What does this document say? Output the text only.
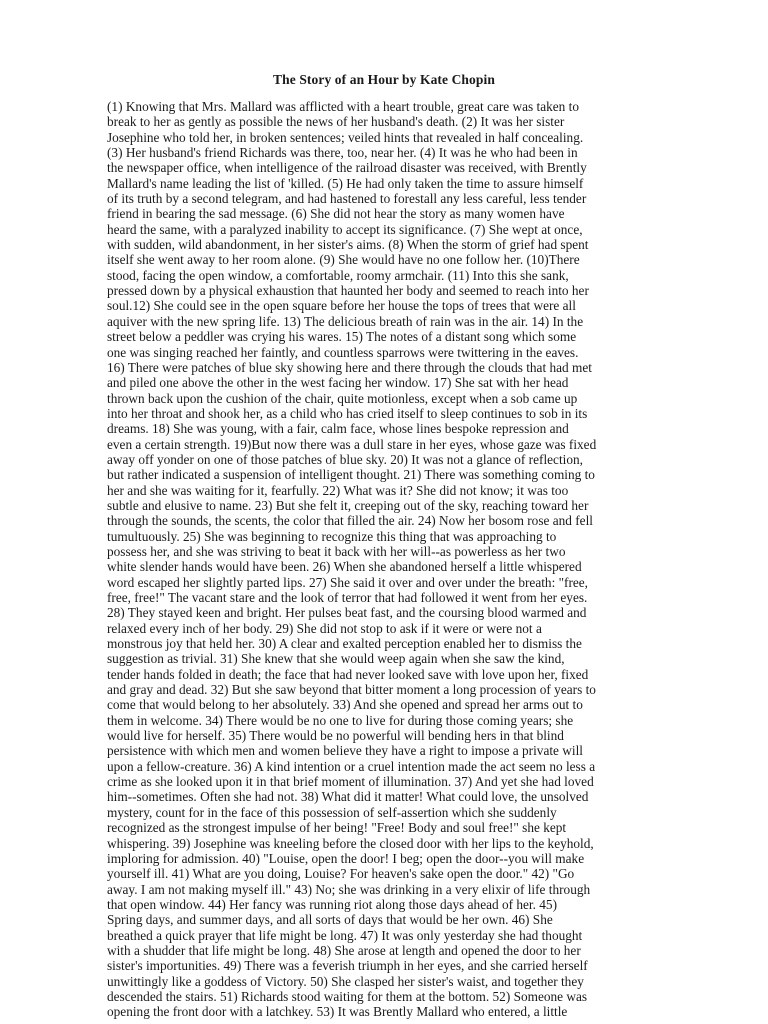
The Story of an Hour by Kate Chopin
(1) Knowing that Mrs. Mallard was afflicted with a heart trouble, great care was taken to
break to her as gently as possible the news of her husband's death. (2) It was her sister
Josephine who told her, in broken sentences; veiled hints that revealed in half concealing.
(3) Her husband's friend Richards was there, too, near her. (4) It was he who had been in
the newspaper office, when intelligence of the railroad disaster was received, with Brently
Mallard's name leading the list of 'killed. (5) He had only taken the time to assure himself
of its truth by a second telegram, and had hastened to forestall any less careful, less tender
friend in bearing the sad message. (6) She did not hear the story as many women have
heard the same, with a paralyzed inability to accept its significance. (7) She wept at once,
with sudden, wild abandonment, in her sister's aims. (8) When the storm of grief had spent
itself she went away to her room alone. (9) She would have no one follow her. (10)There
stood, facing the open window, a comfortable, roomy armchair. (11) Into this she sank,
pressed down by a physical exhaustion that haunted her body and seemed to reach into her
soul.12) She could see in the open square before her house the tops of trees that were all
aquiver with the new spring life. 13) The delicious breath of rain was in the air. 14) In the
street below a peddler was crying his wares. 15) The notes of a distant song which some
one was singing reached her faintly, and countless sparrows were twittering in the eaves.
16) There were patches of blue sky showing here and there through the clouds that had met
and piled one above the other in the west facing her window. 17) She sat with her head
thrown back upon the cushion of the chair, quite motionless, except when a sob came up
into her throat and shook her, as a child who has cried itself to sleep continues to sob in its
dreams. 18) She was young, with a fair, calm face, whose lines bespoke repression and
even a certain strength. 19)But now there was a dull stare in her eyes, whose gaze was fixed
away off yonder on one of those patches of blue sky. 20) It was not a glance of reflection,
but rather indicated a suspension of intelligent thought. 21) There was something coming to
her and she was waiting for it, fearfully. 22) What was it? She did not know; it was too
subtle and elusive to name. 23) But she felt it, creeping out of the sky, reaching toward her
through the sounds, the scents, the color that filled the air. 24) Now her bosom rose and fell
tumultuously. 25) She was beginning to recognize this thing that was approaching to
possess her, and she was striving to beat it back with her will--as powerless as her two
white slender hands would have been. 26) When she abandoned herself a little whispered
word escaped her slightly parted lips. 27) She said it over and over under the breath: "free,
free, free!" The vacant stare and the look of terror that had followed it went from her eyes.
28) They stayed keen and bright. Her pulses beat fast, and the coursing blood warmed and
relaxed every inch of her body. 29) She did not stop to ask if it were or were not a
monstrous joy that held her. 30) A clear and exalted perception enabled her to dismiss the
suggestion as trivial. 31) She knew that she would weep again when she saw the kind,
tender hands folded in death; the face that had never looked save with love upon her, fixed
and gray and dead. 32) But she saw beyond that bitter moment a long procession of years to
come that would belong to her absolutely. 33) And she opened and spread her arms out to
them in welcome. 34) There would be no one to live for during those coming years; she
would live for herself. 35) There would be no powerful will bending hers in that blind
persistence with which men and women believe they have a right to impose a private will
upon a fellow-creature. 36) A kind intention or a cruel intention made the act seem no less a
crime as she looked upon it in that brief moment of illumination. 37) And yet she had loved
him--sometimes. Often she had not. 38) What did it matter! What could love, the unsolved
mystery, count for in the face of this possession of self-assertion which she suddenly
recognized as the strongest impulse of her being! "Free! Body and soul free!" she kept
whispering. 39) Josephine was kneeling before the closed door with her lips to the keyhold,
imploring for admission. 40) "Louise, open the door! I beg; open the door--you will make
yourself ill. 41) What are you doing, Louise? For heaven's sake open the door." 42) "Go
away. I am not making myself ill." 43) No; she was drinking in a very elixir of life through
that open window. 44) Her fancy was running riot along those days ahead of her. 45)
Spring days, and summer days, and all sorts of days that would be her own. 46) She
breathed a quick prayer that life might be long. 47) It was only yesterday she had thought
with a shudder that life might be long. 48) She arose at length and opened the door to her
sister's importunities. 49) There was a feverish triumph in her eyes, and she carried herself
unwittingly like a goddess of Victory. 50) She clasped her sister's waist, and together they
descended the stairs. 51) Richards stood waiting for them at the bottom. 52) Someone was
opening the front door with a latchkey. 53) It was Brently Mallard who entered, a little
